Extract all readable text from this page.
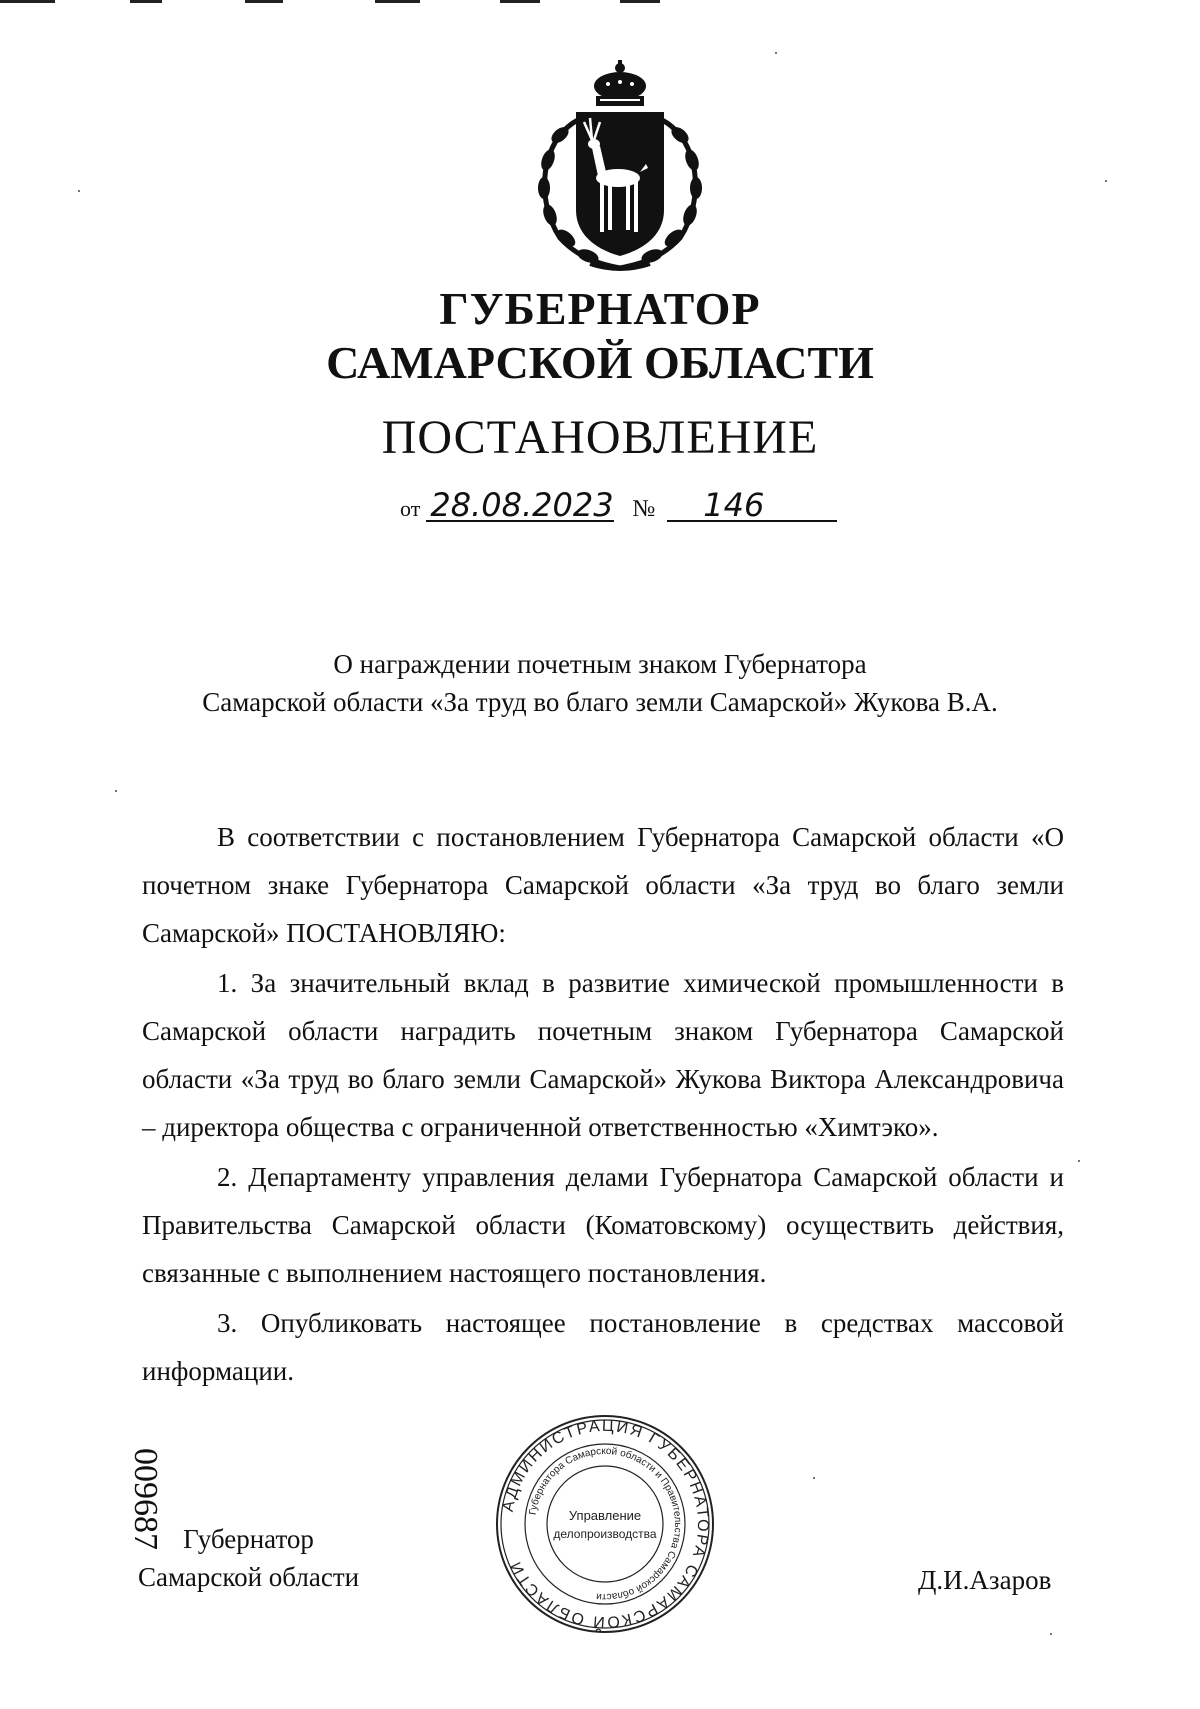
ГУБЕРНАТОР
САМАРСКОЙ ОБЛАСТИ
ПОСТАНОВЛЕНИЕ
от 28.08.2023 № 146
О награждении почетным знаком Губернатора
Самарской области «За труд во благо земли Самарской» Жукова В.А.

В соответствии с постановлением Губернатора Самарской области «О почетном знаке Губернатора Самарской области «За труд во благо земли Самарской» ПОСТАНОВЛЯЮ:

1. За значительный вклад в развитие химической промышленности в Самарской области наградить почетным знаком Губернатора Самарской области «За труд во благо земли Самарской» Жукова Виктора Александровича – директора общества с ограниченной ответственностью «Химтэко».

2. Департаменту управления делами Губернатора Самарской области и Правительства Самарской области (Коматовскому) осуществить действия, связанные с выполнением настоящего постановления.

3. Опубликовать настоящее постановление в средствах массовой информации.

009687 Губернатор
Самарской области
АДМИНИСТРАЦИЯ ГУБЕРНАТОРА САМАРСКОЙ ОБЛАСТИ
Губернатора Самарской области и Правительства Самарской области
Управление
делопроизводства
Д.И.Азаров
